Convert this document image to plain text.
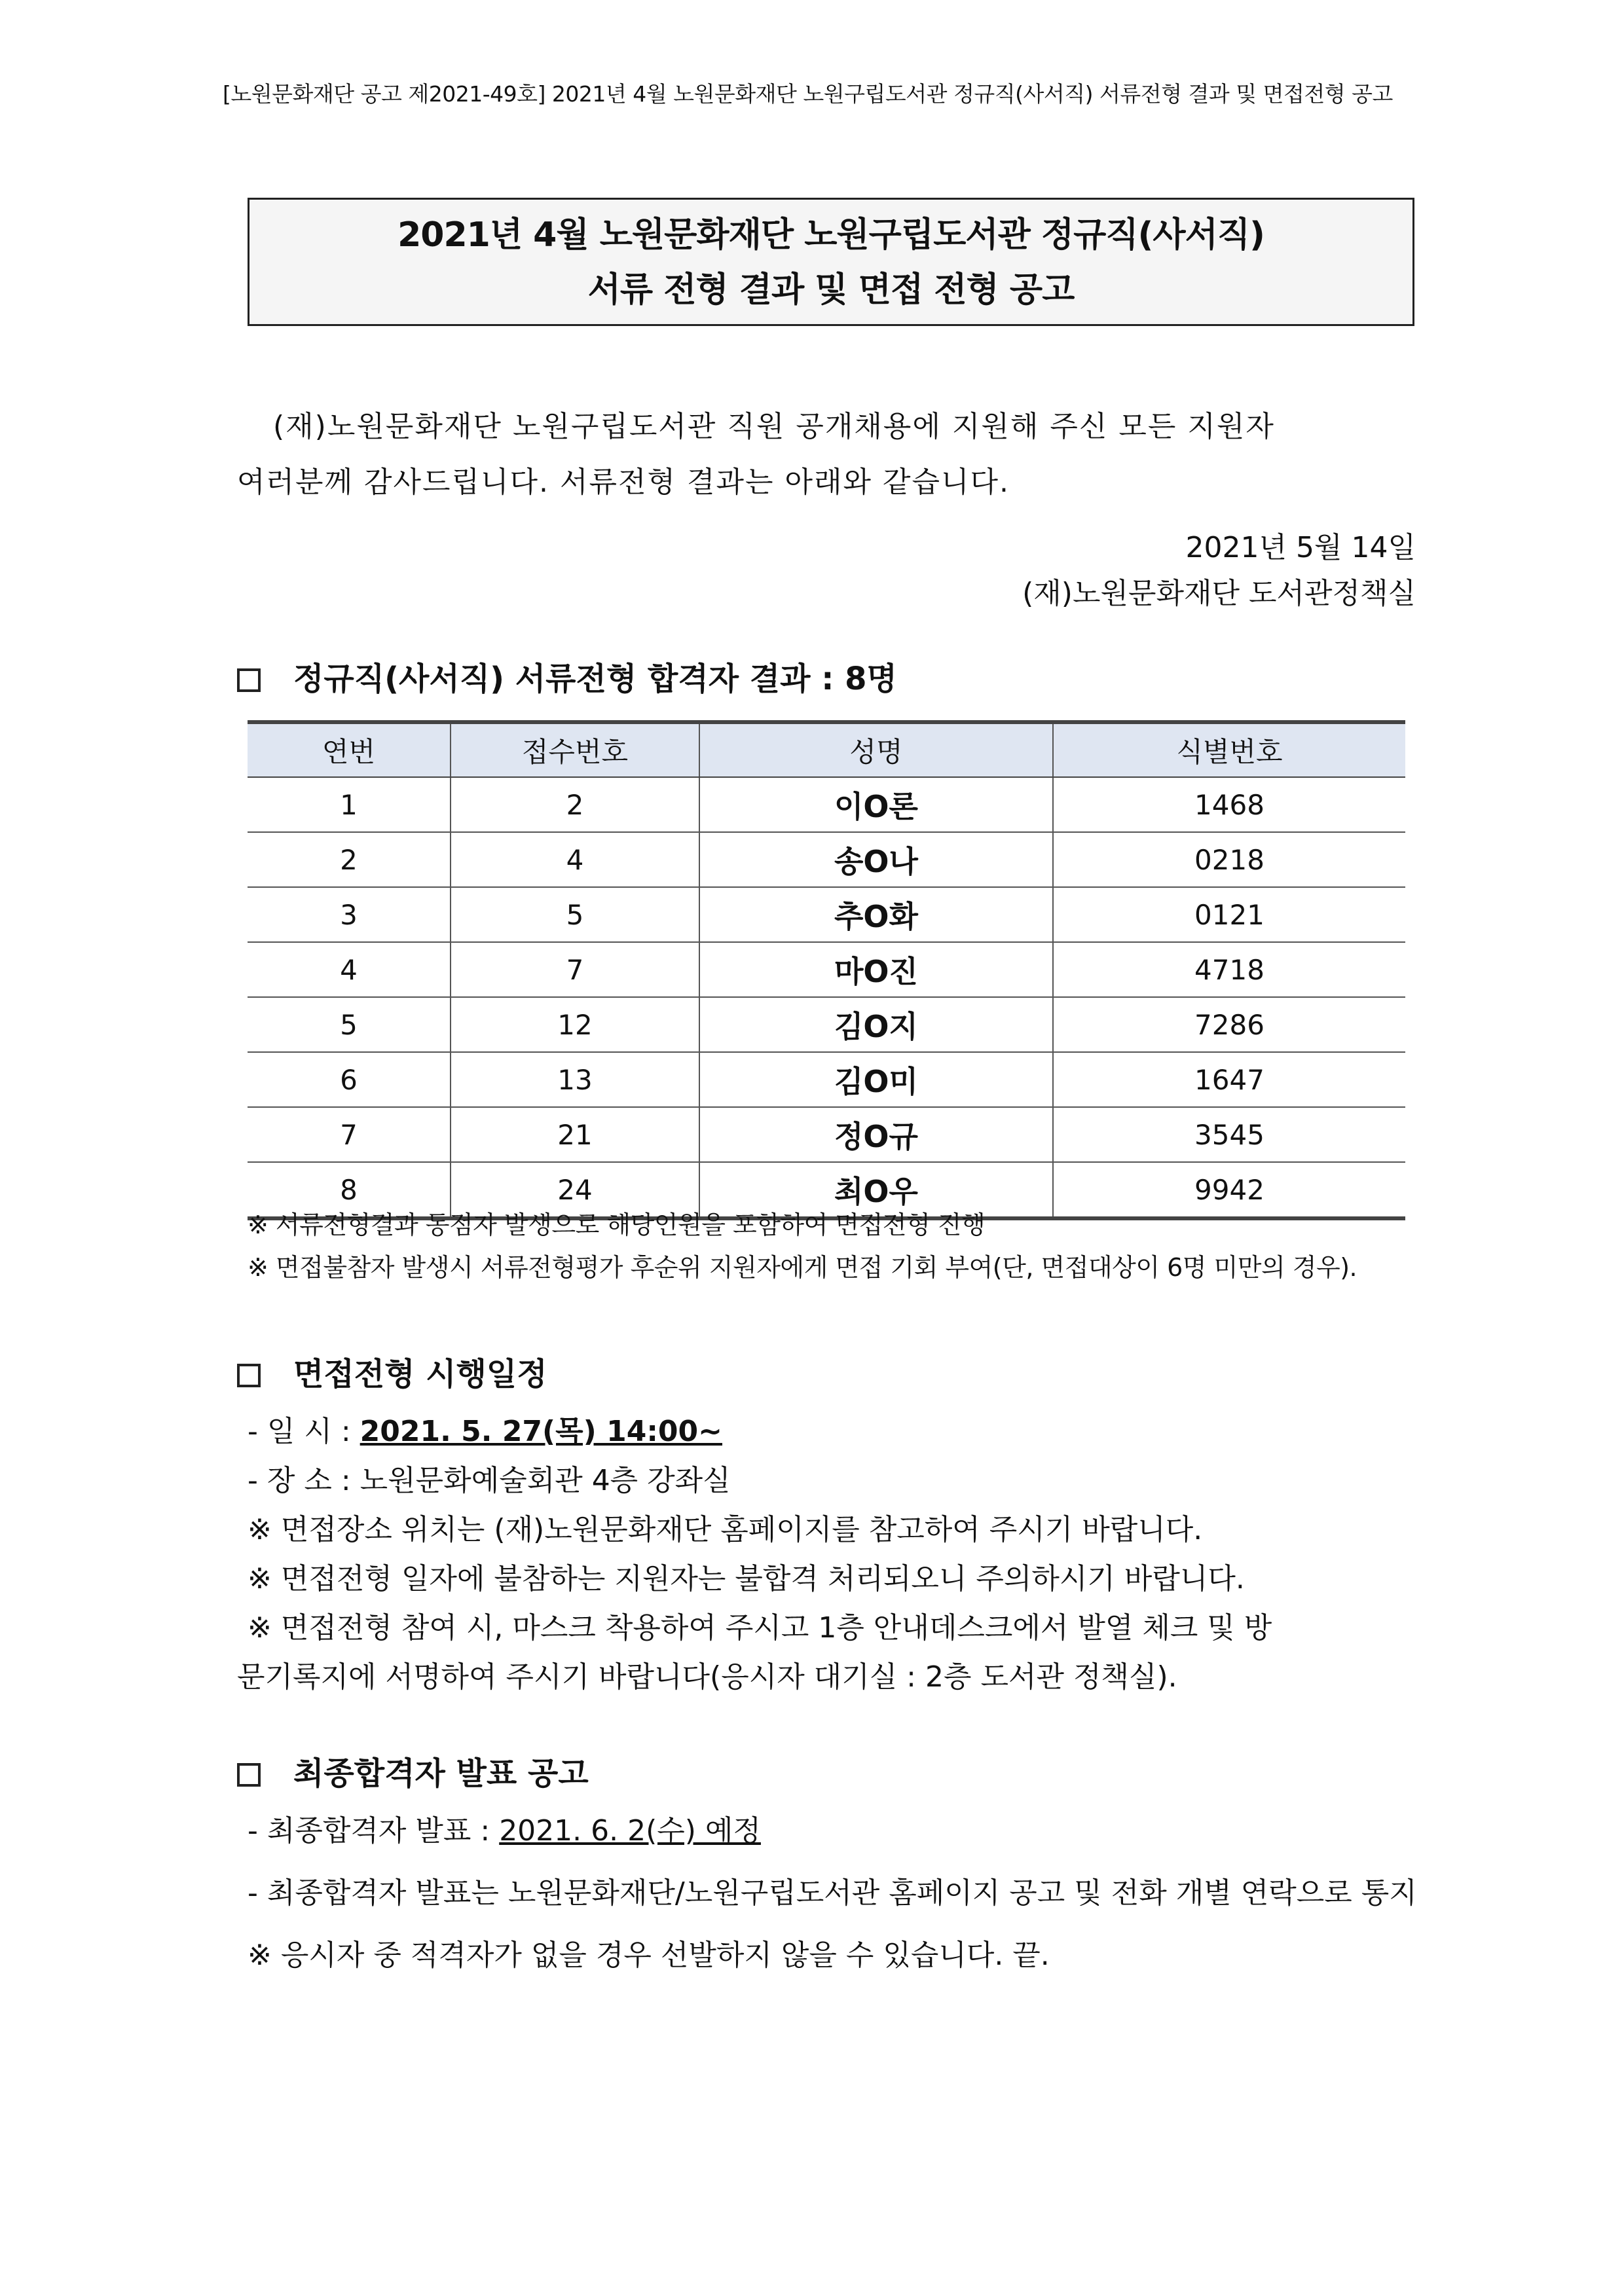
[노원문화재단 공고 제2021-49호] 2021년 4월 노원문화재단 노원구립도서관 정규직(사서직) 서류전형 결과 및 면접전형 공고
2021년 4월 노원문화재단 노원구립도서관 정규직(사서직)
서류 전형 결과 및 면접 전형 공고
(재)노원문화재단 노원구립도서관 직원 공개채용에 지원해 주신 모든 지원자
여러분께 감사드립니다. 서류전형 결과는 아래와 같습니다.
2021년 5월 14일
(재)노원문화재단 도서관정책실
정규직(사서직) 서류전형 합격자 결과 : 8명
연번	접수번호	성명	식별번호
1	2	이O론	1468
2	4	송O나	0218
3	5	추O화	0121
4	7	마O진	4718
5	12	김O지	7286
6	13	김O미	1647
7	21	정O규	3545
8	24	최O우	9942
※ 서류전형결과 동점자 발생으로 해당인원을 포함하여 면접전형 진행
※ 면접불참자 발생시 서류전형평가 후순위 지원자에게 면접 기회 부여(단, 면접대상이 6명 미만의 경우).
면접전형 시행일정
- 일 시 : 2021. 5. 27(목) 14:00~
- 장 소 : 노원문화예술회관 4층 강좌실
※ 면접장소 위치는 (재)노원문화재단 홈페이지를 참고하여 주시기 바랍니다.
※ 면접전형 일자에 불참하는 지원자는 불합격 처리되오니 주의하시기 바랍니다.
※ 면접전형 참여 시, 마스크 착용하여 주시고 1층 안내데스크에서 발열 체크 및 방
문기록지에 서명하여 주시기 바랍니다(응시자 대기실 : 2층 도서관 정책실).
최종합격자 발표 공고
- 최종합격자 발표 : 2021. 6. 2(수) 예정
- 최종합격자 발표는 노원문화재단/노원구립도서관 홈페이지 공고 및 전화 개별 연락으로 통지
※ 응시자 중 적격자가 없을 경우 선발하지 않을 수 있습니다. 끝.
